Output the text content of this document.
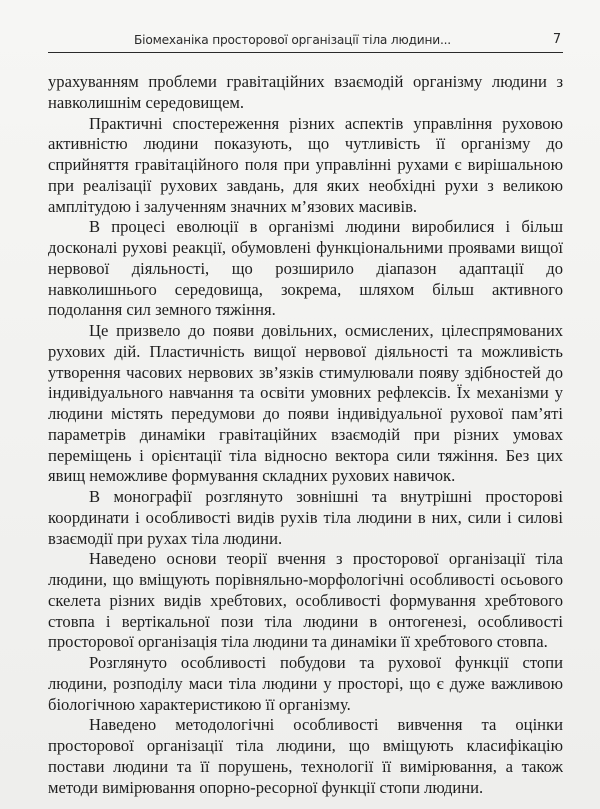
Біомеханіка просторової організації тіла людини...	7

урахуванням проблеми гравітаційних взаємодій організму людини з навколишнім середовищем.

Практичні спостереження різних аспектів управління руховою активністю людини показують, що чутливість її організму до сприйняття гравітаційного поля при управлінні рухами є вирішальною при реалізації рухових завдань, для яких необхідні рухи з великою амплітудою і залученням значних м’язових масивів.

В процесі еволюції в організмі людини виробилися і більш досконалі рухові реакції, обумовлені функціональними проявами вищої нервової діяльності, що розширило діапазон адаптації до навколишнього середовища, зокрема, шляхом більш активного подолання сил земного тяжіння.

Це призвело до появи довільних, осмислених, цілеспрямованих рухових дій. Пластичність вищої нервової діяльності та можливість утворення часових нервових зв’язків стимулювали появу здібностей до індивідуального навчання та освіти умовних рефлексів. Їх механізми у людини містять передумови до появи індивідуальної рухової пам’яті параметрів динаміки гравітаційних взаємодій при різних умовах переміщень і орієнтації тіла відносно вектора сили тяжіння. Без цих явищ неможливе формування складних рухових навичок.

В монографії розглянуто зовнішні та внутрішні просторові координати і особливості видів рухів тіла людини в них, сили і силові взаємодії при рухах тіла людини.

Наведено основи теорії вчення з просторової організації тіла людини, що вміщують порівняльно-морфологічні особливості осьового скелета різних видів хребтових, особливості формування хребтового стовпа і вертікальної пози тіла людини в онтогенезі, особливості просторової організація тіла людини та динаміки її хребтового стовпа.

Розглянуто особливості побудови та рухової функції стопи людини, розподілу маси тіла людини у просторі, що є дуже важливою біологічною характеристикою її організму.

Наведено методологічні особливості вивчення та оцінки просторової організації тіла людини, що вміщують класифікацію постави людини та її порушень, технології її вимірювання, а також методи вимірювання опорно-ресорної функції стопи людини.
